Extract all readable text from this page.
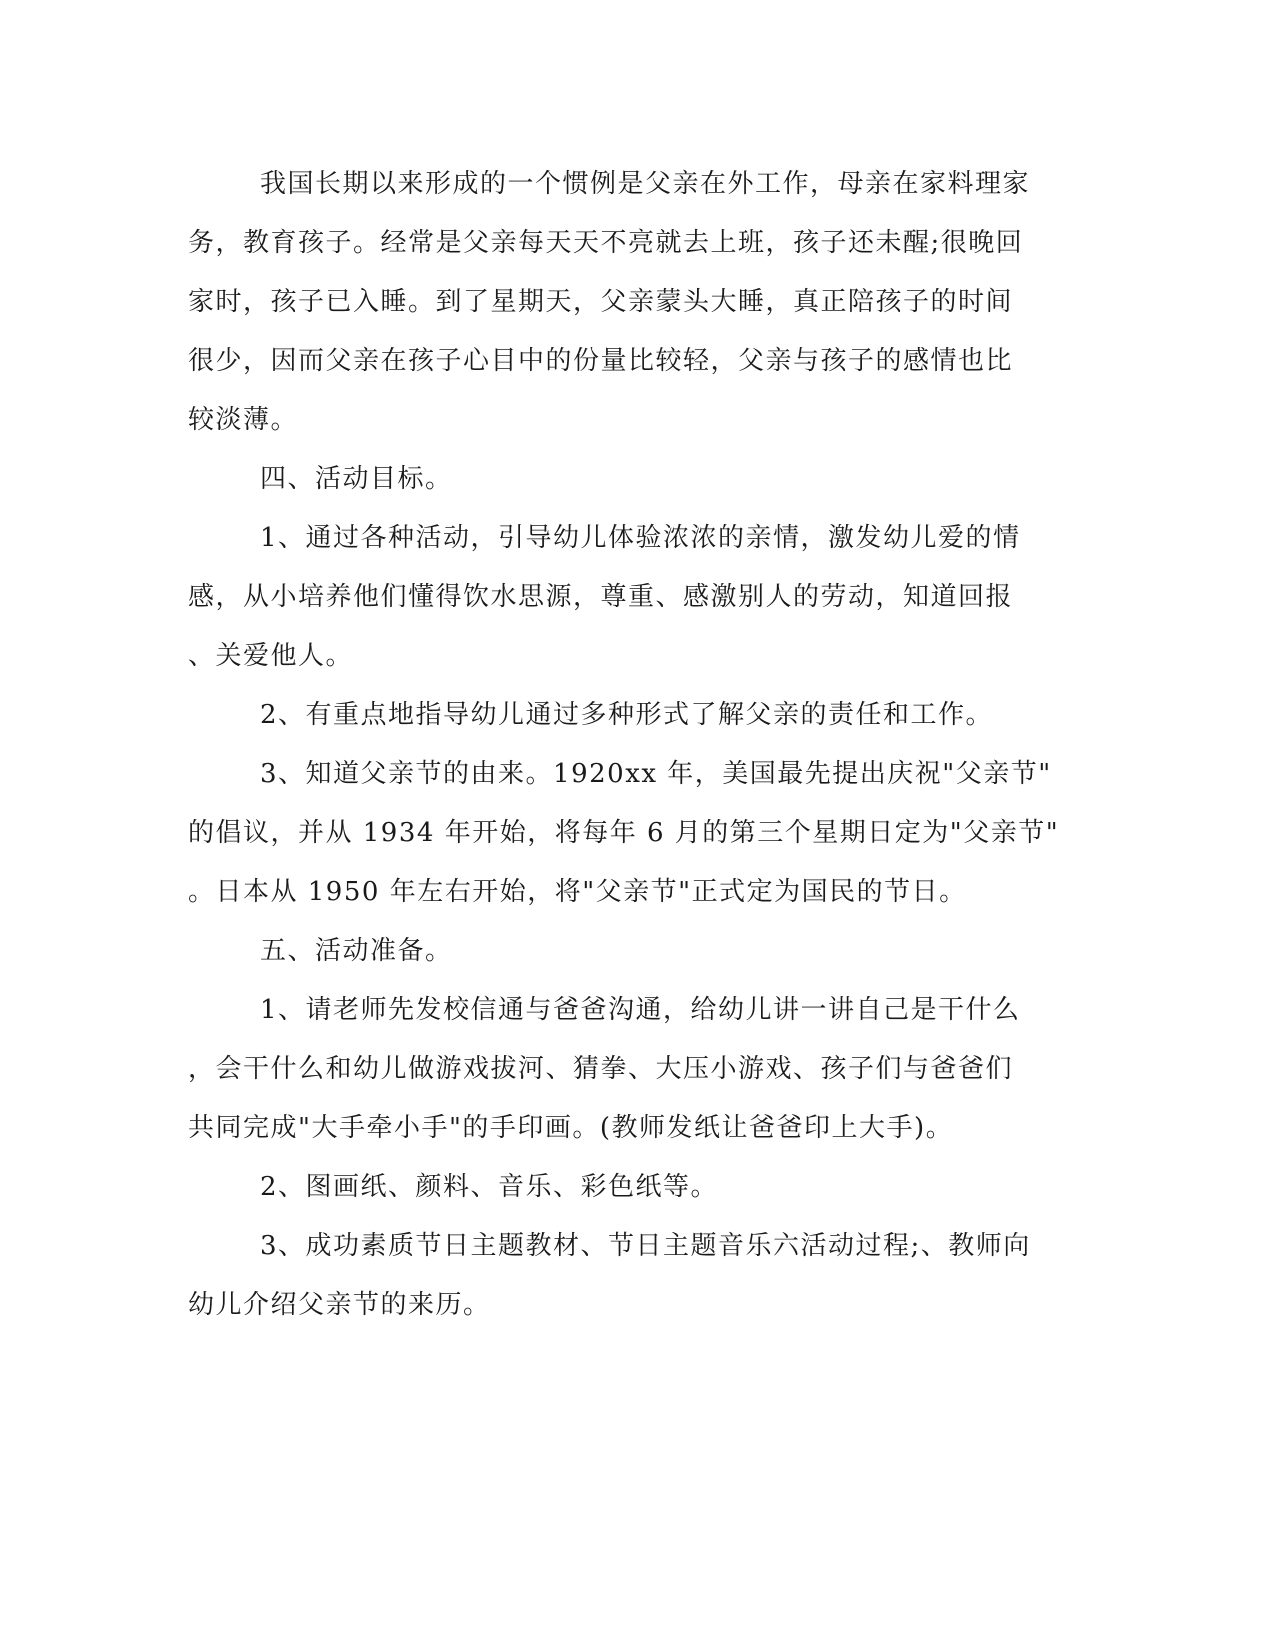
我国长期以来形成的一个惯例是父亲在外工作，母亲在家料理家
务，教育孩子。经常是父亲每天天不亮就去上班，孩子还未醒;很晚回
家时，孩子已入睡。到了星期天，父亲蒙头大睡，真正陪孩子的时间
很少，因而父亲在孩子心目中的份量比较轻，父亲与孩子的感情也比
较淡薄。
四、活动目标。
1、通过各种活动，引导幼儿体验浓浓的亲情，激发幼儿爱的情
感，从小培养他们懂得饮水思源，尊重、感激别人的劳动，知道回报
、关爱他人。
2、有重点地指导幼儿通过多种形式了解父亲的责任和工作。
3、知道父亲节的由来。1920xx 年，美国最先提出庆祝"父亲节"
的倡议，并从 1934 年开始，将每年 6 月的第三个星期日定为"父亲节"
。日本从 1950 年左右开始，将"父亲节"正式定为国民的节日。
五、活动准备。
1、请老师先发校信通与爸爸沟通，给幼儿讲一讲自己是干什么
，会干什么和幼儿做游戏拔河、猜拳、大压小游戏、孩子们与爸爸们
共同完成"大手牵小手"的手印画。(教师发纸让爸爸印上大手)。
2、图画纸、颜料、音乐、彩色纸等。
3、成功素质节日主题教材、节日主题音乐六活动过程;、教师向
幼儿介绍父亲节的来历。
